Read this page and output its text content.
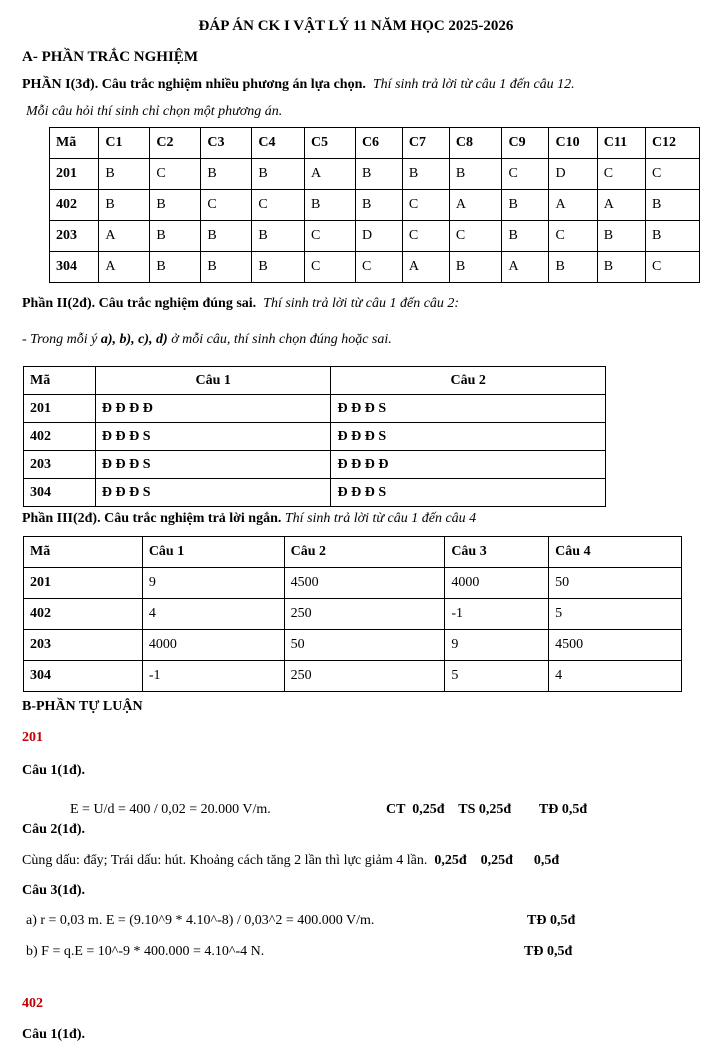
ĐÁP ÁN CK I VẬT LÝ 11 NĂM HỌC 2025-2026
A- PHẦN TRẮC NGHIỆM
PHẦN I(3đ). Câu trắc nghiệm nhiều phương án lựa chọn. Thí sinh trả lời từ câu 1 đến câu 12.
Mỗi câu hỏi thí sinh chỉ chọn một phương án.
Mã	C1	C2	C3	C4	C5	C6	C7	C8	C9	C10	C11	C12
201	B	C	B	B	A	B	B	B	C	D	C	C
402	B	B	C	C	B	B	C	A	B	A	A	B
203	A	B	B	B	C	D	C	C	B	C	B	B
304	A	B	B	B	C	C	A	B	A	B	B	C
Phần II(2đ). Câu trắc nghiệm đúng sai. Thí sinh trả lời từ câu 1 đến câu 2:
- Trong mỗi ý a), b), c), d) ở mỗi câu, thí sinh chọn đúng hoặc sai.
Mã	Câu 1	Câu 2
201	Đ Đ Đ Đ	Đ Đ Đ S
402	Đ Đ Đ S	Đ Đ Đ S
203	Đ Đ Đ S	Đ Đ Đ Đ
304	Đ Đ Đ S	Đ Đ Đ S
Phần III(2đ). Câu trắc nghiệm trả lời ngắn. Thí sinh trả lời từ câu 1 đến câu 4
Mã	Câu 1	Câu 2	Câu 3	Câu 4
201	9	4500	4000	50
402	4	250	-1	5
203	4000	50	9	4500
304	-1	250	5	4
B-PHẦN TỰ LUẬN
201
Câu 1(1đ).
E = U/d = 400 / 0,02 = 20.000 V/m.	CT  0,25đ    TS 0,25đ        TĐ 0,5đ
Câu 2(1đ).
Cùng dấu: đẩy; Trái dấu: hút. Khoảng cách tăng 2 lần thì lực giảm 4 lần. 0,25đ    0,25đ      0,5đ
Câu 3(1đ).
a) r = 0,03 m. E = (9.10^9 * 4.10^-8) / 0,03^2 = 400.000 V/m.	TĐ 0,5đ
b) F = q.E = 10^-9 * 400.000 = 4.10^-4 N.	TĐ 0,5đ
402
Câu 1(1đ).
